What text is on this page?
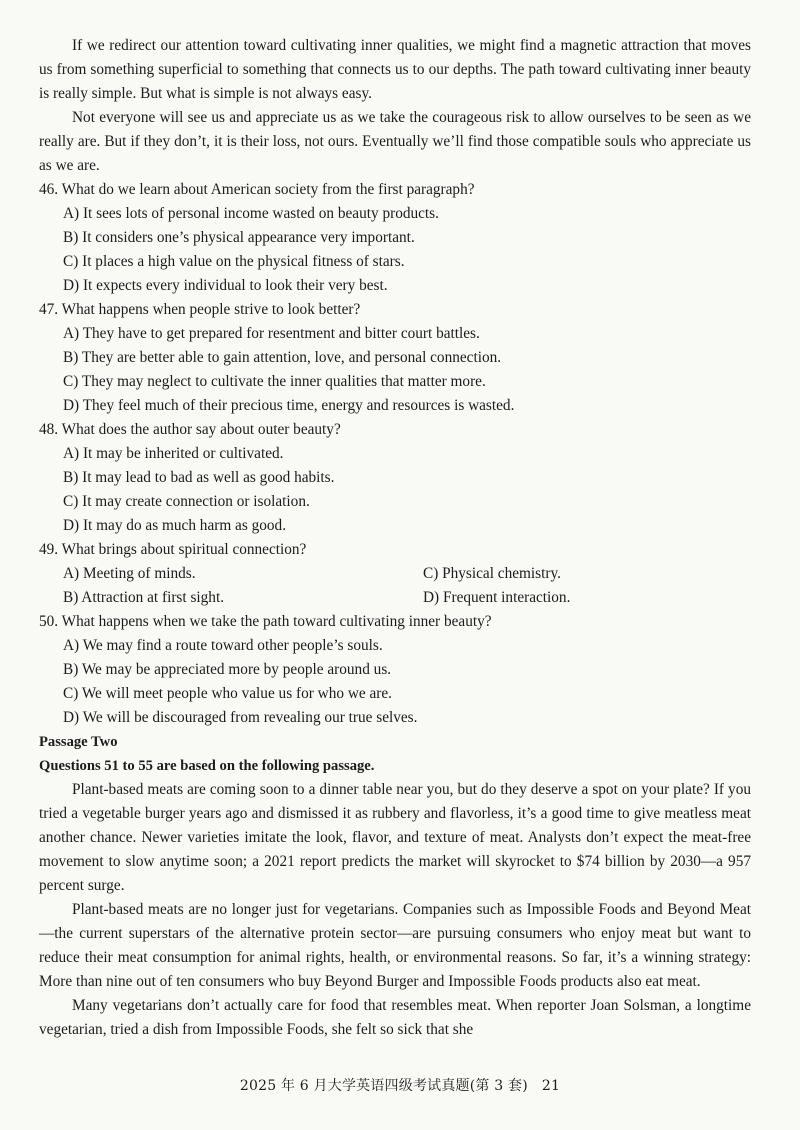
If we redirect our attention toward cultivating inner qualities, we might find a magnetic attraction that moves us from something superficial to something that connects us to our depths. The path toward cultivating inner beauty is really simple. But what is simple is not always easy.

Not everyone will see us and appreciate us as we take the courageous risk to allow ourselves to be seen as we really are. But if they don’t, it is their loss, not ours. Eventually we’ll find those compatible souls who appreciate us as we are.

46. What do we learn about American society from the first paragraph?
A) It sees lots of personal income wasted on beauty products.
B) It considers one’s physical appearance very important.
C) It places a high value on the physical fitness of stars.
D) It expects every individual to look their very best.
47. What happens when people strive to look better?
A) They have to get prepared for resentment and bitter court battles.
B) They are better able to gain attention, love, and personal connection.
C) They may neglect to cultivate the inner qualities that matter more.
D) They feel much of their precious time, energy and resources is wasted.
48. What does the author say about outer beauty?
A) It may be inherited or cultivated.
B) It may lead to bad as well as good habits.
C) It may create connection or isolation.
D) It may do as much harm as good.
49. What brings about spiritual connection?
A) Meeting of minds.	C) Physical chemistry.
B) Attraction at first sight.	D) Frequent interaction.
50. What happens when we take the path toward cultivating inner beauty?
A) We may find a route toward other people’s souls.
B) We may be appreciated more by people around us.
C) We will meet people who value us for who we are.
D) We will be discouraged from revealing our true selves.

Passage Two

Questions 51 to 55 are based on the following passage.

Plant-based meats are coming soon to a dinner table near you, but do they deserve a spot on your plate? If you tried a vegetable burger years ago and dismissed it as rubbery and flavorless, it’s a good time to give meatless meat another chance. Newer varieties imitate the look, flavor, and texture of meat. Analysts don’t expect the meat-free movement to slow anytime soon; a 2021 report predicts the market will skyrocket to $74 billion by 2030—a 957 percent surge.

Plant-based meats are no longer just for vegetarians. Companies such as Impossible Foods and Beyond Meat—the current superstars of the alternative protein sector—are pursuing consumers who enjoy meat but want to reduce their meat consumption for animal rights, health, or environmental reasons. So far, it’s a winning strategy: More than nine out of ten consumers who buy Beyond Burger and Impossible Foods products also eat meat.

Many vegetarians don’t actually care for food that resembles meat. When reporter Joan Solsman, a longtime vegetarian, tried a dish from Impossible Foods, she felt so sick that she

2025 年 6 月大学英语四级考试真题(第 3 套) 21
